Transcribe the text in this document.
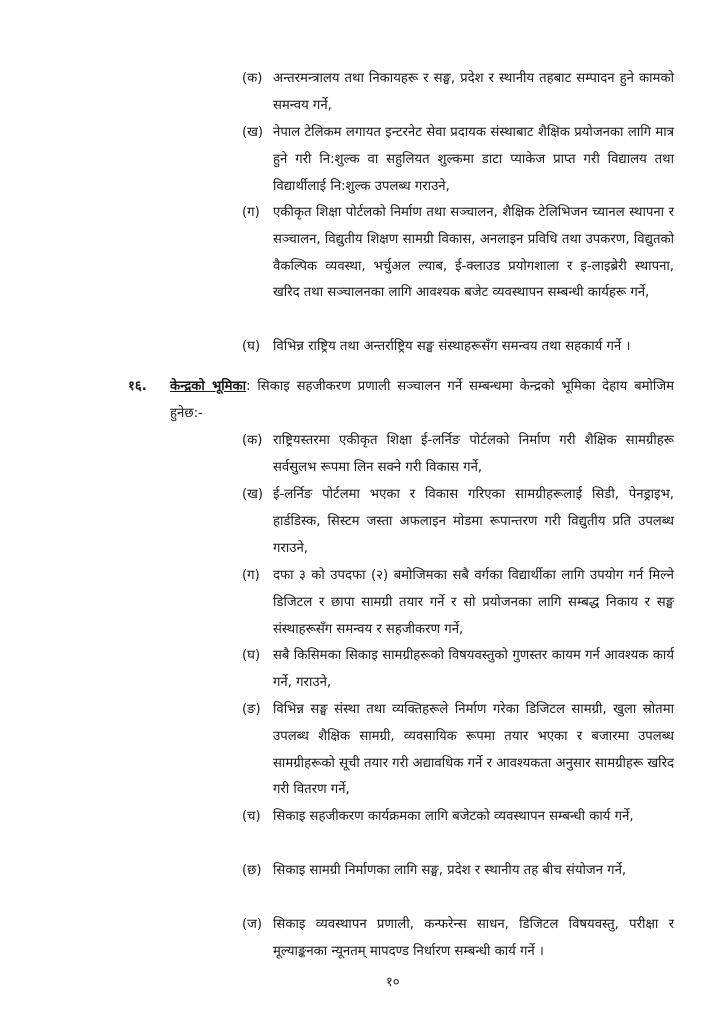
(क) अन्तरमन्त्रालय तथा निकायहरू र सङ्घ, प्रदेश र स्थानीय तहबाट सम्पादन हुने कामको समन्वय गर्ने,
(ख) नेपाल टेलिकम लगायत इन्टरनेट सेवा प्रदायक संस्थाबाट शैक्षिक प्रयोजनका लागि मात्र हुने गरी नि:शुल्क वा सहुलियत शुल्कमा डाटा प्याकेज प्राप्त गरी विद्यालय तथा विद्यार्थीलाई नि:शुल्क उपलब्ध गराउने,
(ग) एकीकृत शिक्षा पोर्टलको निर्माण तथा सञ्चालन, शैक्षिक टेलिभिजन च्यानल स्थापना र सञ्चालन, विद्युतीय शिक्षण सामग्री विकास, अनलाइन प्रविधि तथा उपकरण, विद्युतको वैकल्पिक व्यवस्था, भर्चुअल ल्याब, ई-क्लाउड प्रयोगशाला र इ-लाइब्रेरी स्थापना, खरिद तथा सञ्चालनका लागि आवश्यक बजेट व्यवस्थापन सम्बन्धी कार्यहरू गर्ने,
(घ) विभिन्न राष्ट्रिय तथा अन्तर्राष्ट्रिय सङ्घ संस्थाहरूसँग समन्वय तथा सहकार्य गर्ने ।
१६. केन्द्रको भूमिका: सिकाइ सहजीकरण प्रणाली सञ्चालन गर्ने सम्बन्धमा केन्द्रको भूमिका देहाय बमोजिम हुनेछ:-
(क) राष्ट्रियस्तरमा एकीकृत शिक्षा ई-लर्निङ पोर्टलको निर्माण गरी शैक्षिक सामग्रीहरू सर्वसुलभ रूपमा लिन सक्ने गरी विकास गर्ने,
(ख) ई-लर्निङ पोर्टलमा भएका र विकास गरिएका सामग्रीहरूलाई सिडी, पेनड्राइभ, हार्डडिस्क, सिस्टम जस्ता अफलाइन मोडमा रूपान्तरण गरी विद्युतीय प्रति उपलब्ध गराउने,
(ग) दफा ३ को उपदफा (२) बमोजिमका सबै वर्गका विद्यार्थीका लागि उपयोग गर्न मिल्ने डिजिटल र छापा सामग्री तयार गर्ने र सो प्रयोजनका लागि सम्बद्ध निकाय र सङ्घ संस्थाहरूसँग समन्वय र सहजीकरण गर्ने,
(घ) सबै किसिमका सिकाइ सामग्रीहरूको विषयवस्तुको गुणस्तर कायम गर्न आवश्यक कार्य गर्ने, गराउने,
(ङ) विभिन्न सङ्घ संस्था तथा व्यक्तिहरूले निर्माण गरेका डिजिटल सामग्री, खुला स्रोतमा उपलब्ध शैक्षिक सामग्री, व्यवसायिक रूपमा तयार भएका र बजारमा उपलब्ध सामग्रीहरूको सूची तयार गरी अद्यावधिक गर्ने र आवश्यकता अनुसार सामग्रीहरू खरिद गरी वितरण गर्ने,
(च) सिकाइ सहजीकरण कार्यक्रमका लागि बजेटको व्यवस्थापन सम्बन्धी कार्य गर्ने,
(छ) सिकाइ सामग्री निर्माणका लागि सङ्घ, प्रदेश र स्थानीय तह बीच संयोजन गर्ने,
(ज) सिकाइ व्यवस्थापन प्रणाली, कन्फरेन्स साधन, डिजिटल विषयवस्तु, परीक्षा र मूल्याङ्कनका न्यूनतम् मापदण्ड निर्धारण सम्बन्धी कार्य गर्ने ।
१०
